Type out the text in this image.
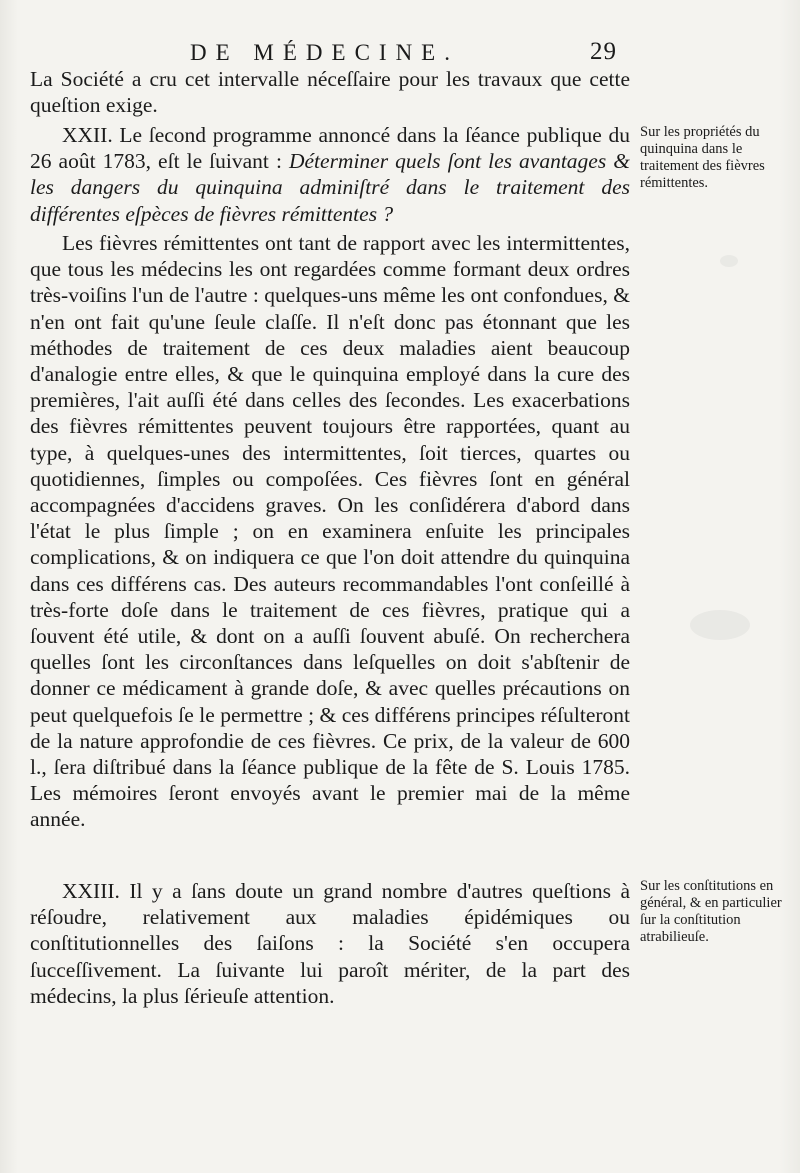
DE MÉDECINE.	29

La Société a cru cet intervalle néceſſaire pour les travaux que cette queſtion exige.

XXII. Le ſecond programme annoncé dans la ſéance publique du 26 août 1783, eſt le ſuivant : Déterminer quels ſont les avantages & les dangers du quinquina adminiſtré dans le traitement des différentes eſpèces de fièvres rémittentes ?

Les fièvres rémittentes ont tant de rapport avec les intermittentes, que tous les médecins les ont regardées comme formant deux ordres très-voiſins l'un de l'autre : quelques-uns même les ont confondues, & n'en ont fait qu'une ſeule claſſe. Il n'eſt donc pas étonnant que les méthodes de traitement de ces deux maladies aient beaucoup d'analogie entre elles, & que le quinquina employé dans la cure des premières, l'ait auſſi été dans celles des ſecondes. Les exacerbations des fièvres rémittentes peuvent toujours être rapportées, quant au type, à quelques-unes des intermittentes, ſoit tierces, quartes ou quotidiennes, ſimples ou compoſées. Ces fièvres ſont en général accompagnées d'accidens graves. On les conſidérera d'abord dans l'état le plus ſimple ; on en examinera enſuite les principales complications, & on indiquera ce que l'on doit attendre du quinquina dans ces différens cas. Des auteurs recommandables l'ont conſeillé à très-forte doſe dans le traitement de ces fièvres, pratique qui a ſouvent été utile, & dont on a auſſi ſouvent abuſé. On recherchera quelles ſont les circonſtances dans leſquelles on doit s'abſtenir de donner ce médicament à grande doſe, & avec quelles précautions on peut quelquefois ſe le permettre ; & ces différens principes réſulteront de la nature approfondie de ces fièvres. Ce prix, de la valeur de 600 l., ſera diſtribué dans la ſéance publique de la fête de S. Louis 1785. Les mémoires ſeront envoyés avant le premier mai de la même année.

XXIII. Il y a ſans doute un grand nombre d'autres queſtions à réſoudre, relativement aux maladies épidémiques ou conſtitutionnelles des ſaiſons : la Société s'en occupera ſucceſſivement. La ſuivante lui paroît mériter, de la part des médecins, la plus ſérieuſe attention.

Sur les propriétés du quinquina dans le traitement des fièvres rémittentes.
Sur les conſtitutions en général, & en particulier ſur la conſtitution atrabilieuſe.
